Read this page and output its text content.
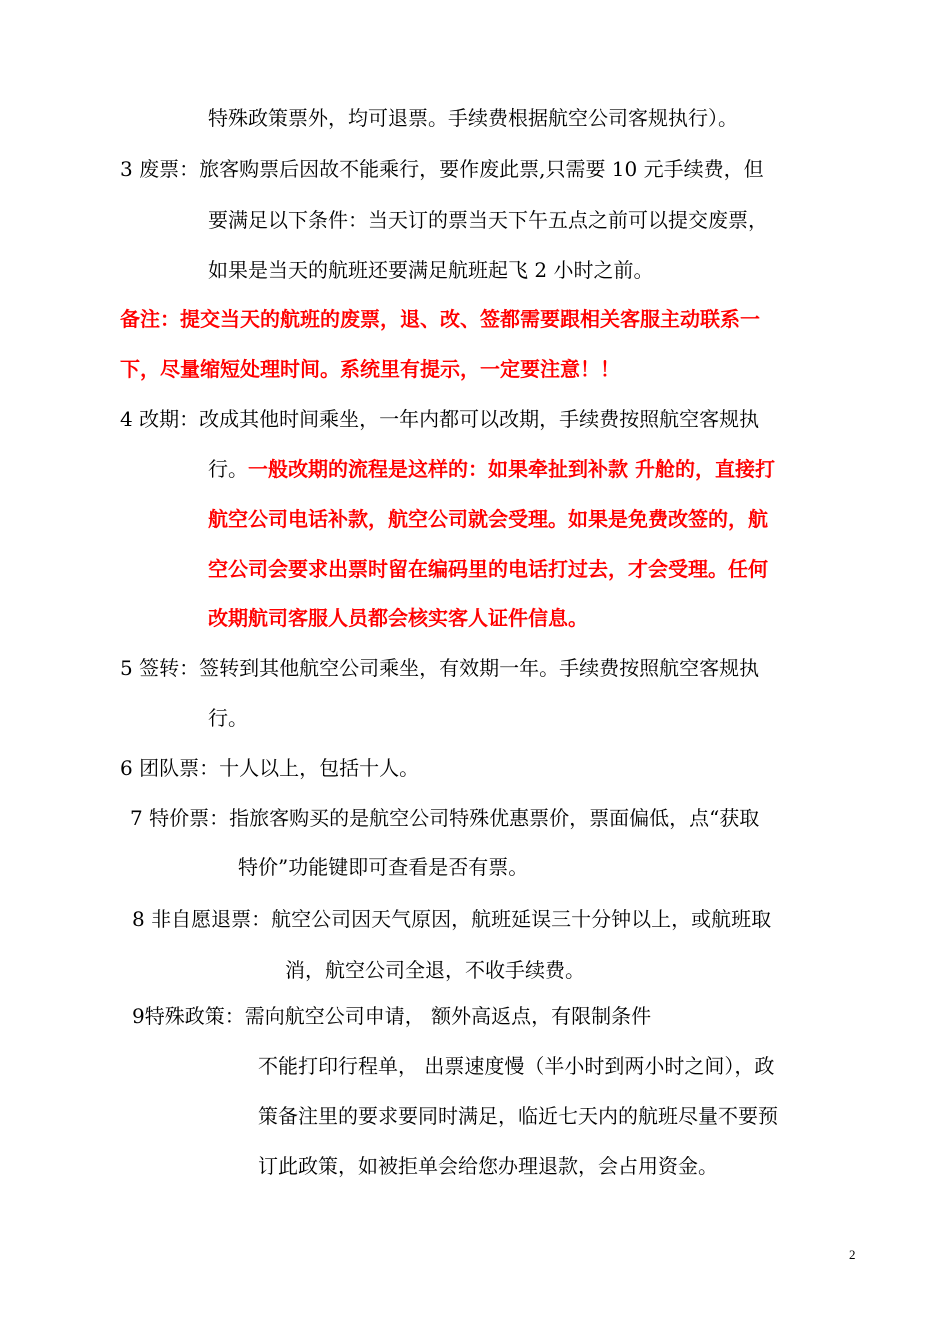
特殊政策票外，均可退票。手续费根据航空公司客规执行）。
3 废票：旅客购票后因故不能乘行，要作废此票,只需要 10 元手续费，但
要满足以下条件：当天订的票当天下午五点之前可以提交废票，
如果是当天的航班还要满足航班起飞 2 小时之前。
备注：提交当天的航班的废票，退、改、签都需要跟相关客服主动联系一
下，尽量缩短处理时间。系统里有提示，一定要注意！！
4 改期：改成其他时间乘坐，一年内都可以改期，手续费按照航空客规执
行。一般改期的流程是这样的：如果牵扯到补款 升舱的，直接打
航空公司电话补款，航空公司就会受理。如果是免费改签的，航
空公司会要求出票时留在编码里的电话打过去，才会受理。任何
改期航司客服人员都会核实客人证件信息。
5 签转：签转到其他航空公司乘坐，有效期一年。手续费按照航空客规执
行。
6 团队票：十人以上，包括十人。
7 特价票：指旅客购买的是航空公司特殊优惠票价，票面偏低，点“获取
特价”功能键即可查看是否有票。
8 非自愿退票：航空公司因天气原因，航班延误三十分钟以上，或航班取
消，航空公司全退，不收手续费。
9特殊政策：需向航空公司申请， 额外高返点，有限制条件
不能打印行程单， 出票速度慢（半小时到两小时之间），政
策备注里的要求要同时满足，临近七天内的航班尽量不要预
订此政策，如被拒单会给您办理退款，会占用资金。
2
